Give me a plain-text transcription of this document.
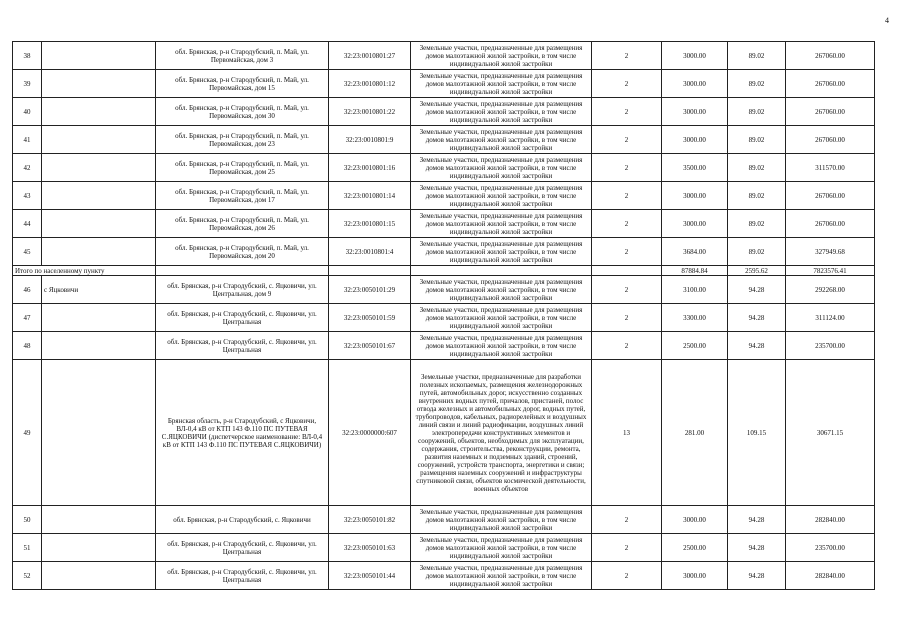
4
38		обл. Брянская, р-н Стародубский, п. Май, ул. Первомайская, дом 3	32:23:0010801:27	Земельные участки, предназначенные для размещения домов малоэтажной жилой застройки, в том числе индивидуальной жилой застройки	2	3000.00	89.02	267060.00
39		обл. Брянская, р-н Стародубский, п. Май, ул. Первомайская, дом 15	32:23:0010801:12	Земельные участки, предназначенные для размещения домов малоэтажной жилой застройки, в том числе индивидуальной жилой застройки	2	3000.00	89.02	267060.00
40		обл. Брянская, р-н Стародубский, п. Май, ул. Первомайская, дом 30	32:23:0010801:22	Земельные участки, предназначенные для размещения домов малоэтажной жилой застройки, в том числе индивидуальной жилой застройки	2	3000.00	89.02	267060.00
41		обл. Брянская, р-н Стародубский, п. Май, ул. Первомайская, дом 23	32:23:0010801:9	Земельные участки, предназначенные для размещения домов малоэтажной жилой застройки, в том числе индивидуальной жилой застройки	2	3000.00	89.02	267060.00
42		обл. Брянская, р-н Стародубский, п. Май, ул. Первомайская, дом 25	32:23:0010801:16	Земельные участки, предназначенные для размещения домов малоэтажной жилой застройки, в том числе индивидуальной жилой застройки	2	3500.00	89.02	311570.00
43		обл. Брянская, р-н Стародубский, п. Май, ул. Первомайская, дом 17	32:23:0010801:14	Земельные участки, предназначенные для размещения домов малоэтажной жилой застройки, в том числе индивидуальной жилой застройки	2	3000.00	89.02	267060.00
44		обл. Брянская, р-н Стародубский, п. Май, ул. Первомайская, дом 26	32:23:0010801:15	Земельные участки, предназначенные для размещения домов малоэтажной жилой застройки, в том числе индивидуальной жилой застройки	2	3000.00	89.02	267060.00
45		обл. Брянская, р-н Стародубский, п. Май, ул. Первомайская, дом 20	32:23:0010801:4	Земельные участки, предназначенные для размещения домов малоэтажной жилой застройки, в том числе индивидуальной жилой застройки	2	3684.00	89.02	327949.68
Итого по населенному пункту						87884.84	2595.62	7823576.41
46	с Яцковичи	обл. Брянская, р-н Стародубский, с. Яцковичи, ул. Центральная, дом 9	32:23:0050101:29	Земельные участки, предназначенные для размещения домов малоэтажной жилой застройки, в том числе индивидуальной жилой застройки	2	3100.00	94.28	292268.00
47		обл. Брянская, р-н Стародубский, с. Яцковичи, ул. Центральная	32:23:0050101:59	Земельные участки, предназначенные для размещения домов малоэтажной жилой застройки, в том числе индивидуальной жилой застройки	2	3300.00	94.28	311124.00
48		обл. Брянская, р-н Стародубский, с. Яцковичи, ул. Центральная	32:23:0050101:67	Земельные участки, предназначенные для размещения домов малоэтажной жилой застройки, в том числе индивидуальной жилой застройки	2	2500.00	94.28	235700.00
49		Брянская область, р-н Стародубский, с Яцковичи, ВЛ-0,4 кВ от КТП 143 Ф.110 ПС ПУТЕВАЯ С.ЯЦКОВИЧИ (диспетчерское наименование: ВЛ-0,4 кВ от КТП 143 Ф.110 ПС ПУТЕВАЯ С.ЯЦКОВИЧИ)	32:23:0000000:607	Земельные участки, предназначенные для разработки полезных ископаемых, размещения железнодорожных путей, автомобильных дорог, искусственно созданных внутренних водных путей, причалов, пристаней, полос отвода железных и автомобильных дорог, водных путей, трубопроводов, кабельных, радиорелейных и воздушных линий связи и линий радиофикации, воздушных линий электропередачи конструктивных элементов и сооружений, объектов, необходимых для эксплуатации, содержания, строительства, реконструкции, ремонта, развития наземных и подземных зданий, строений, сооружений, устройств транспорта, энергетики и связи; размещения наземных сооружений и инфраструктуры спутниковой связи, объектов космической деятельности, военных объектов	13	281.00	109.15	30671.15
50		обл. Брянская, р-н Стародубский, с. Яцковичи	32:23:0050101:82	Земельные участки, предназначенные для размещения домов малоэтажной жилой застройки, в том числе индивидуальной жилой застройки	2	3000.00	94.28	282840.00
51		обл. Брянская, р-н Стародубский, с. Яцковичи, ул. Центральная	32:23:0050101:63	Земельные участки, предназначенные для размещения домов малоэтажной жилой застройки, в том числе индивидуальной жилой застройки	2	2500.00	94.28	235700.00
52		обл. Брянская, р-н Стародубский, с. Яцковичи, ул. Центральная	32:23:0050101:44	Земельные участки, предназначенные для размещения домов малоэтажной жилой застройки, в том числе индивидуальной жилой застройки	2	3000.00	94.28	282840.00
